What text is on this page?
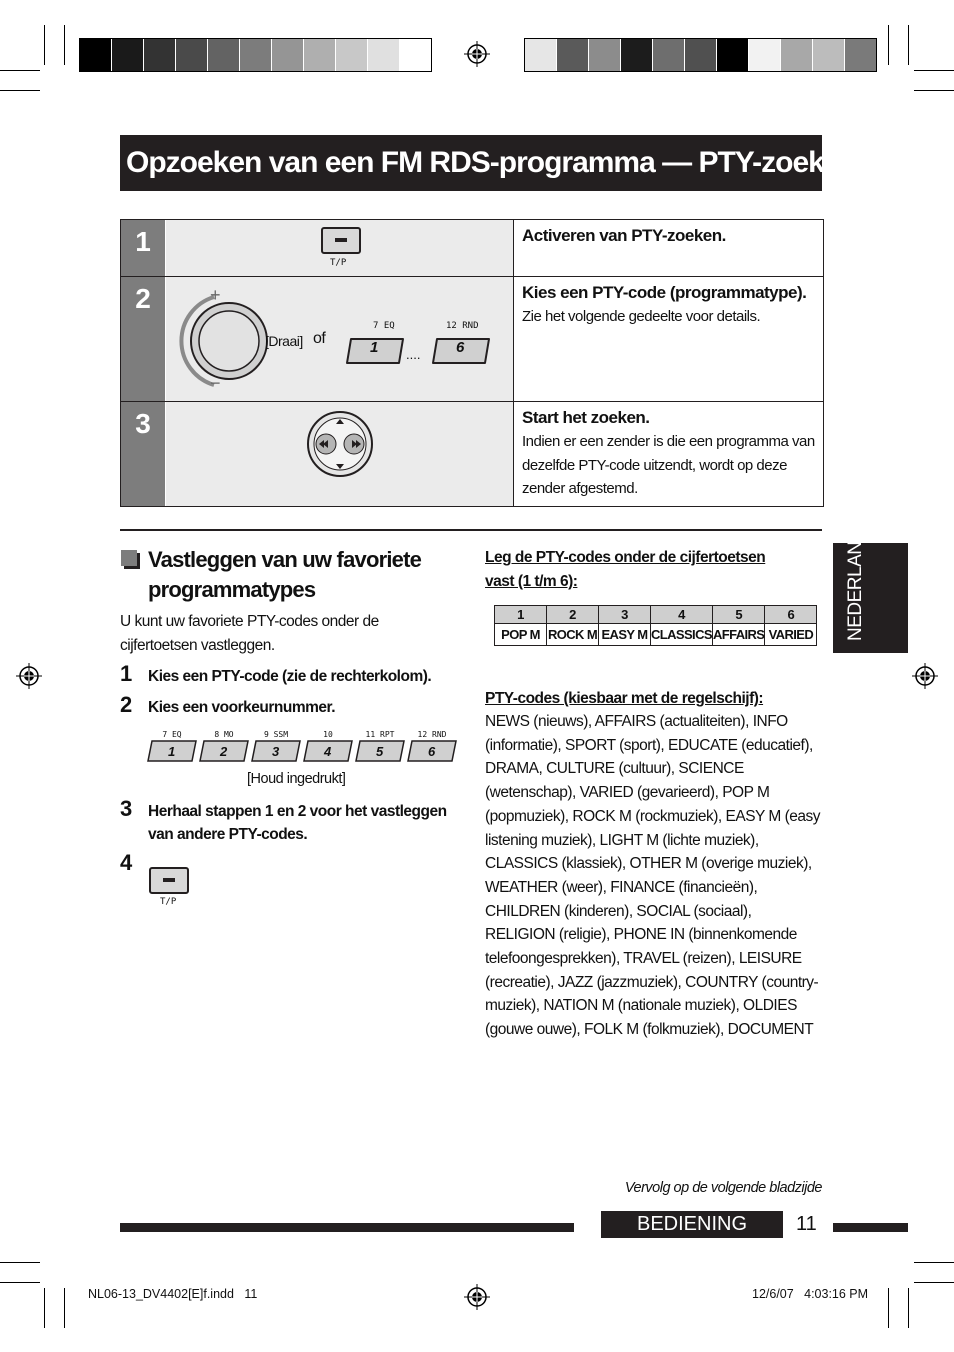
Opzoeken van een FM RDS-programma — PTY-zoeken
1
T/P
Activeren van PTY-zoeken.
2	+
−
[Draai] of
7 EQ
1 ....
12 RND
6
Kies een PTY-code (programmatype).
Zie het volgende gedeelte voor details.
3	Start het zoeken.
Indien er een zender is die een programma van dezelfde PTY-code uitzendt, wordt op deze zender afgestemd.
NEDERLANDS
Vastleggen van uw favoriete programmatypes
U kunt uw favoriete PTY-codes onder de cijfertoetsen vastleggen.
1 Kies een PTY-code (zie de rechterkolom).
2 Kies een voorkeurnummer.
7 EQ
1
8 MO
2
9 SSM
3
10
4
11 RPT
5
12 RND
6
[Houd ingedrukt]
3 Herhaal stappen 1 en 2 voor het vastleggen van andere PTY-codes.
4
T/P
Leg de PTY-codes onder de cijfertoetsen vast (1 t/m 6):
1	2	3	4	5	6
POP M	ROCK M	EASY M	CLASSICS	AFFAIRS	VARIED
PTY-codes (kiesbaar met de regelschijf):
NEWS (nieuws), AFFAIRS (actualiteiten), INFO (informatie), SPORT (sport), EDUCATE (educatief), DRAMA, CULTURE (cultuur), SCIENCE (wetenschap), VARIED (gevarieerd), POP M (popmuziek), ROCK M (rockmuziek), EASY M (easy listening muziek), LIGHT M (lichte muziek), CLASSICS (klassiek), OTHER M (overige muziek), WEATHER (weer), FINANCE (financieën), CHILDREN (kinderen), SOCIAL (sociaal), RELIGION (religie), PHONE IN (binnenkomende telefoongesprekken), TRAVEL (reizen), LEISURE (recreatie), JAZZ (jazzmuziek), COUNTRY (country-muziek), NATION M (nationale muziek), OLDIES (gouwe ouwe), FOLK M (folkmuziek), DOCUMENT
Vervolg op de volgende bladzijde
BEDIENING	11
NL06-13_DV4402[E]f.indd   11	12/6/07   4:03:16 PM
